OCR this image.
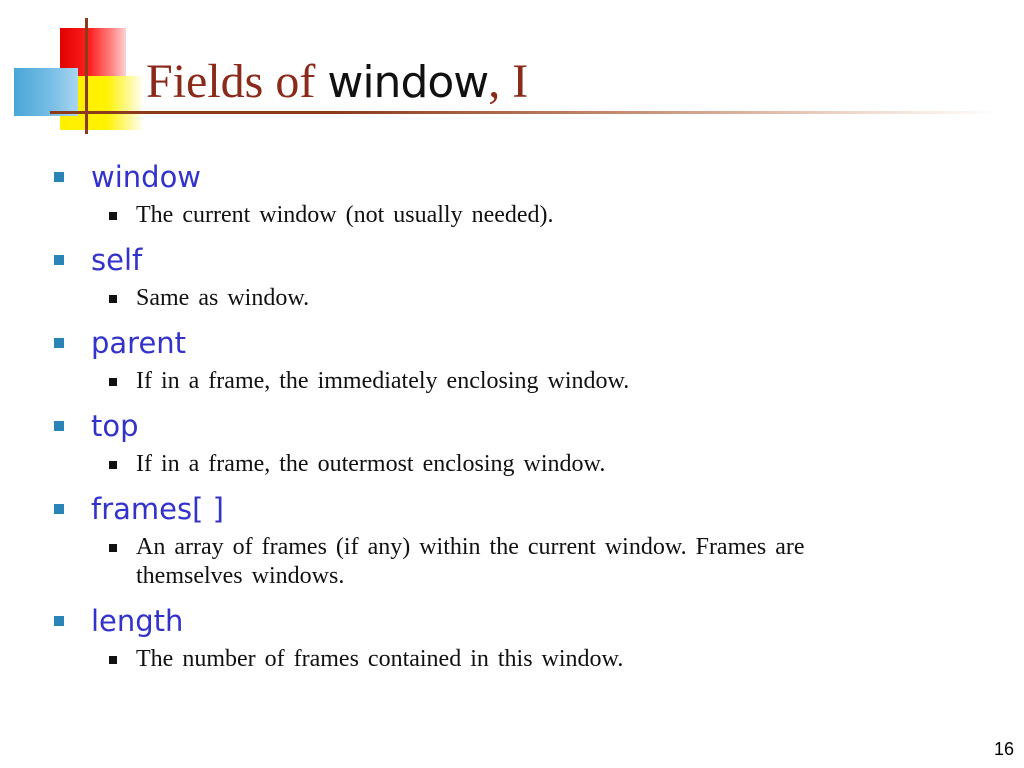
Fields of window, I
window
The current window (not usually needed).
self
Same as window.
parent
If in a frame, the immediately enclosing window.
top
If in a frame, the outermost enclosing window.
frames[ ]
An array of frames (if any) within the current window. Frames are themselves windows.
length
The number of frames contained in this window.
16
